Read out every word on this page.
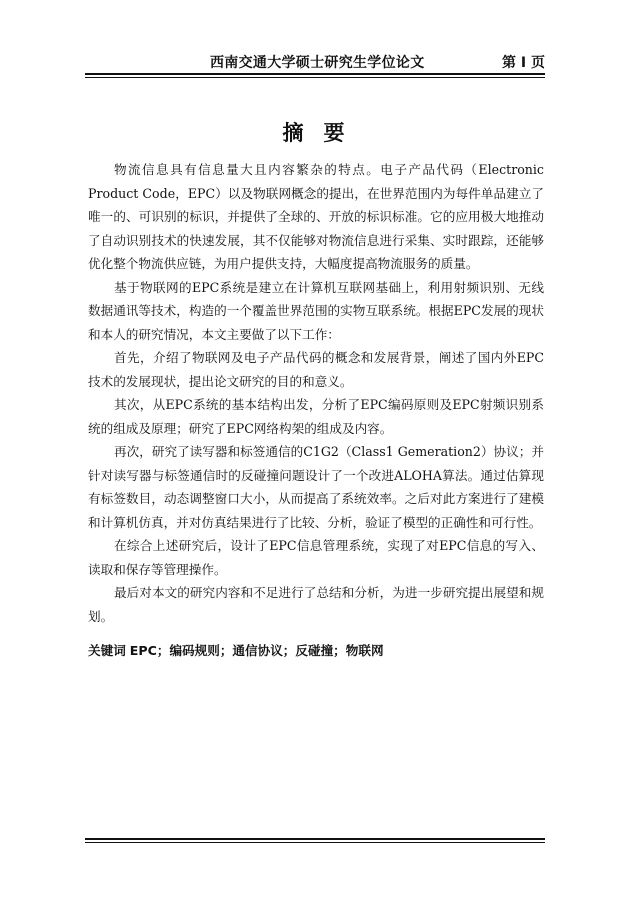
西南交通大学硕士研究生学位论文	第 I 页
摘要

物流信息具有信息量大且内容繁杂的特点。电子产品代码（Electronic Product Code，EPC）以及物联网概念的提出，在世界范围内为每件单品建立了唯一的、可识别的标识，并提供了全球的、开放的标识标准。它的应用极大地推动了自动识别技术的快速发展，其不仅能够对物流信息进行采集、实时跟踪，还能够优化整个物流供应链，为用户提供支持，大幅度提高物流服务的质量。

基于物联网的EPC系统是建立在计算机互联网基础上，利用射频识别、无线数据通讯等技术，构造的一个覆盖世界范围的实物互联系统。根据EPC发展的现状和本人的研究情况，本文主要做了以下工作：

首先，介绍了物联网及电子产品代码的概念和发展背景，阐述了国内外EPC技术的发展现状，提出论文研究的目的和意义。

其次，从EPC系统的基本结构出发，分析了EPC编码原则及EPC射频识别系统的组成及原理；研究了EPC网络构架的组成及内容。

再次，研究了读写器和标签通信的C1G2（Class1 Gemeration2）协议；并针对读写器与标签通信时的反碰撞问题设计了一个改进ALOHA算法。通过估算现有标签数目，动态调整窗口大小，从而提高了系统效率。之后对此方案进行了建模和计算机仿真，并对仿真结果进行了比较、分析，验证了模型的正确性和可行性。

在综合上述研究后，设计了EPC信息管理系统，实现了对EPC信息的写入、读取和保存等管理操作。

最后对本文的研究内容和不足进行了总结和分析，为进一步研究提出展望和规划。

关键词 EPC；编码规则；通信协议；反碰撞；物联网
